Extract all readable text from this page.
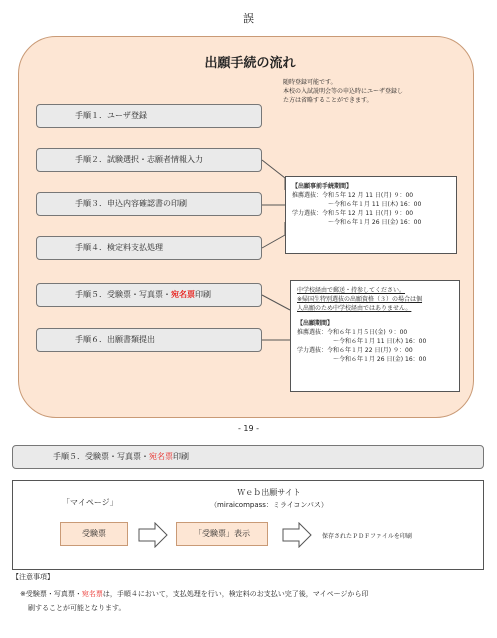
誤
出願手続の流れ
随時登録可能です。
本校の入試説明会等の申込時にユーザ登録し
た方は省略することができます。
手順１．ユーザ登録
手順２．試験選択・志願者情報入力
手順３．申込内容確認書の印刷
手順４．検定料支払処理
手順５．受験票・写真票・宛名票印刷
手順６．出願書類提出
【出願事前手続期間】
推薦選抜：令和５年 12 月 11 日(月) ９：00
　　　　　　～令和６年１月 11 日(木) 16：00
学力選抜：令和５年 12 月 11 日(月) ９：00
　　　　　　～令和６年１月 26 日(金) 16：00
中学校経由で郵送・持参してください。
※帰国生特別選抜の出願資格（３）の場合は個
人出願のため中学校経由ではありません。
【出願期間】
推薦選抜：令和６年１月５日(金) ９：00
　　　　　　～令和６年１月 11 日(木) 16：00
学力選抜：令和６年１月 22 日(月) ９：00
　　　　　　～令和６年１月 26 日(金) 16：00
- 19 -
手順５．受験票・写真票・宛名票印刷
「マイページ」
Ｗｅｂ出願サイト
（miraicompass：ミライコンパス）
受験票	「受験票」表示	保存されたＰＤＦファイルを印刷
【注意事項】
※受験票・写真票・宛名票は，手順４において，支払処理を行い，検定料のお支払い完了後，マイページから印
刷することが可能となります。
